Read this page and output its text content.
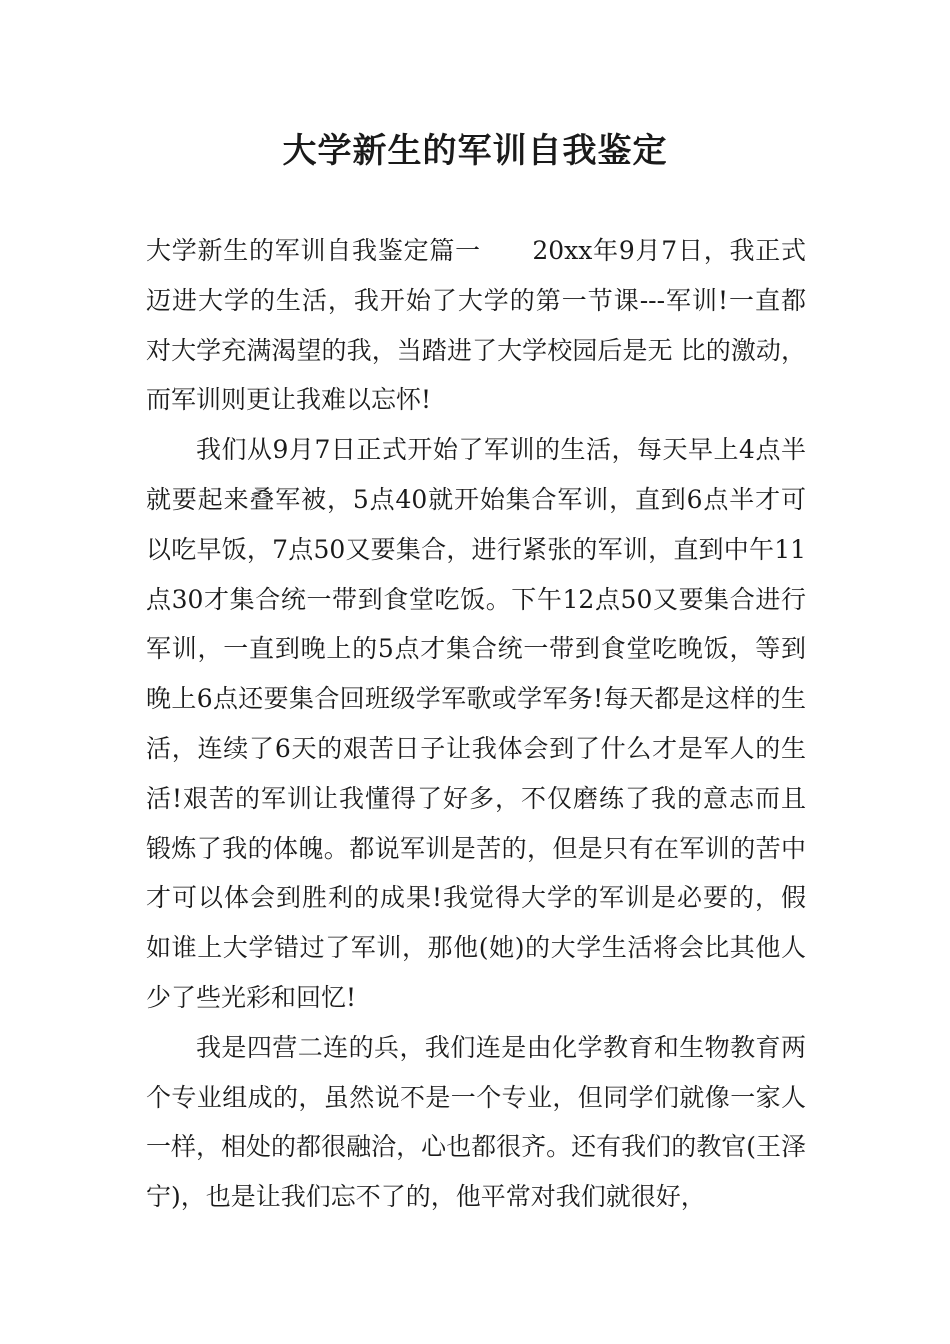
大学新生的军训自我鉴定

大学新生的军训自我鉴定篇一　　20xx年9月7日，我正式迈进大学的生活，我开始了大学的第一节课---军训!一直都对大学充满渴望的我，当踏进了大学校园后是无 比的激动，而军训则更让我难以忘怀!

我们从9月7日正式开始了军训的生活，每天早上4点半就要起来叠军被，5点40就开始集合军训，直到6点半才可以吃早饭，7点50又要集合，进行紧张的军训，直到中午11点30才集合统一带到食堂吃饭。下午12点50又要集合进行军训，一直到晚上的5点才集合统一带到食堂吃晚饭，等到晚上6点还要集合回班级学军歌或学军务!每天都是这样的生活，连续了6天的艰苦日子让我体会到了什么才是军人的生活!艰苦的军训让我懂得了好多，不仅磨练了我的意志而且锻炼了我的体魄。都说军训是苦的，但是只有在军训的苦中才可以体会到胜利的成果!我觉得大学的军训是必要的，假如谁上大学错过了军训，那他(她)的大学生活将会比其他人少了些光彩和回忆!

我是四营二连的兵，我们连是由化学教育和生物教育两个专业组成的，虽然说不是一个专业，但同学们就像一家人一样，相处的都很融洽，心也都很齐。还有我们的教官(王泽宁)，也是让我们忘不了的，他平常对我们就很好，
